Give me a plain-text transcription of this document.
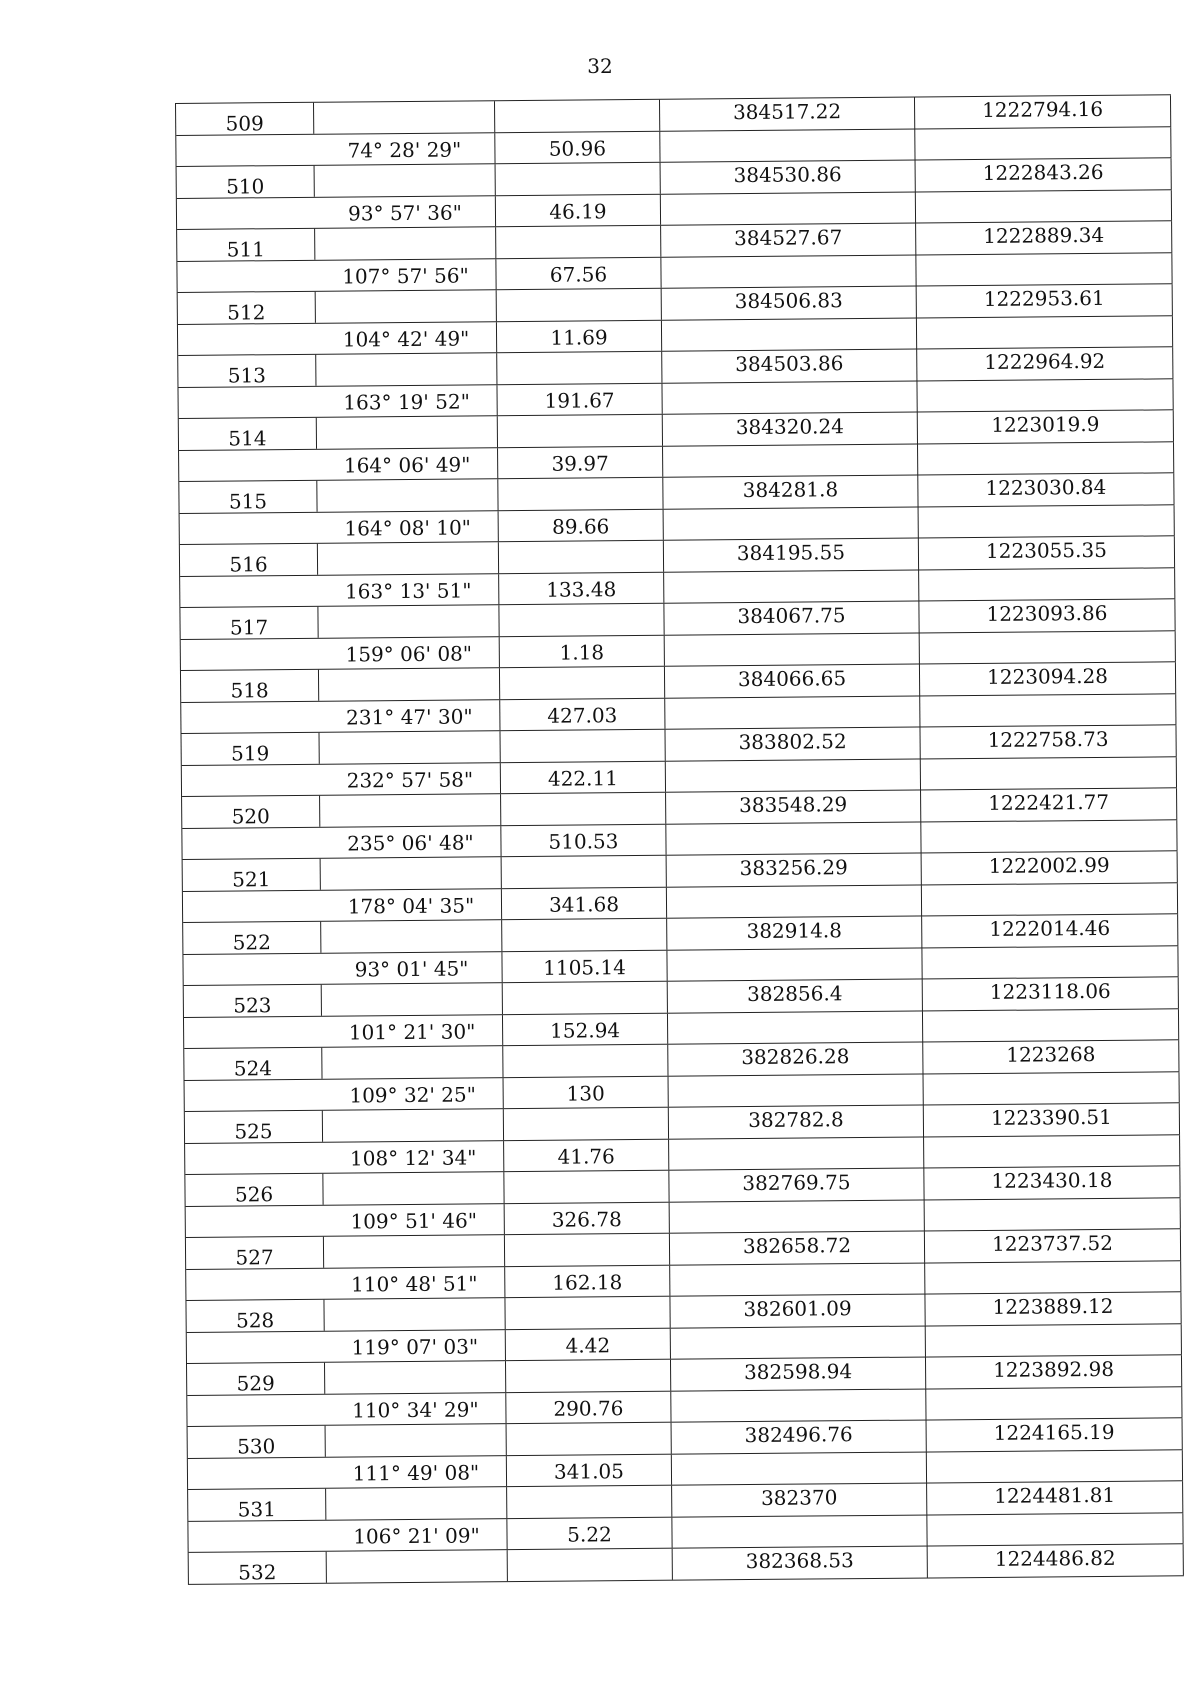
32
509	384517.22	1222794.16
74° 28' 29"	50.96
510	384530.86	1222843.26
93° 57' 36"	46.19
511	384527.67	1222889.34
107° 57' 56"	67.56
512	384506.83	1222953.61
104° 42' 49"	11.69
513	384503.86	1222964.92
163° 19' 52"	191.67
514	384320.24	1223019.9
164° 06' 49"	39.97
515	384281.8	1223030.84
164° 08' 10"	89.66
516	384195.55	1223055.35
163° 13' 51"	133.48
517	384067.75	1223093.86
159° 06' 08"	1.18
518	384066.65	1223094.28
231° 47' 30"	427.03
519	383802.52	1222758.73
232° 57' 58"	422.11
520	383548.29	1222421.77
235° 06' 48"	510.53
521	383256.29	1222002.99
178° 04' 35"	341.68
522	382914.8	1222014.46
93° 01' 45"	1105.14
523	382856.4	1223118.06
101° 21' 30"	152.94
524	382826.28	1223268
109° 32' 25"	130
525	382782.8	1223390.51
108° 12' 34"	41.76
526	382769.75	1223430.18
109° 51' 46"	326.78
527	382658.72	1223737.52
110° 48' 51"	162.18
528	382601.09	1223889.12
119° 07' 03"	4.42
529	382598.94	1223892.98
110° 34' 29"	290.76
530	382496.76	1224165.19
111° 49' 08"	341.05
531	382370	1224481.81
106° 21' 09"	5.22
532	382368.53	1224486.82
